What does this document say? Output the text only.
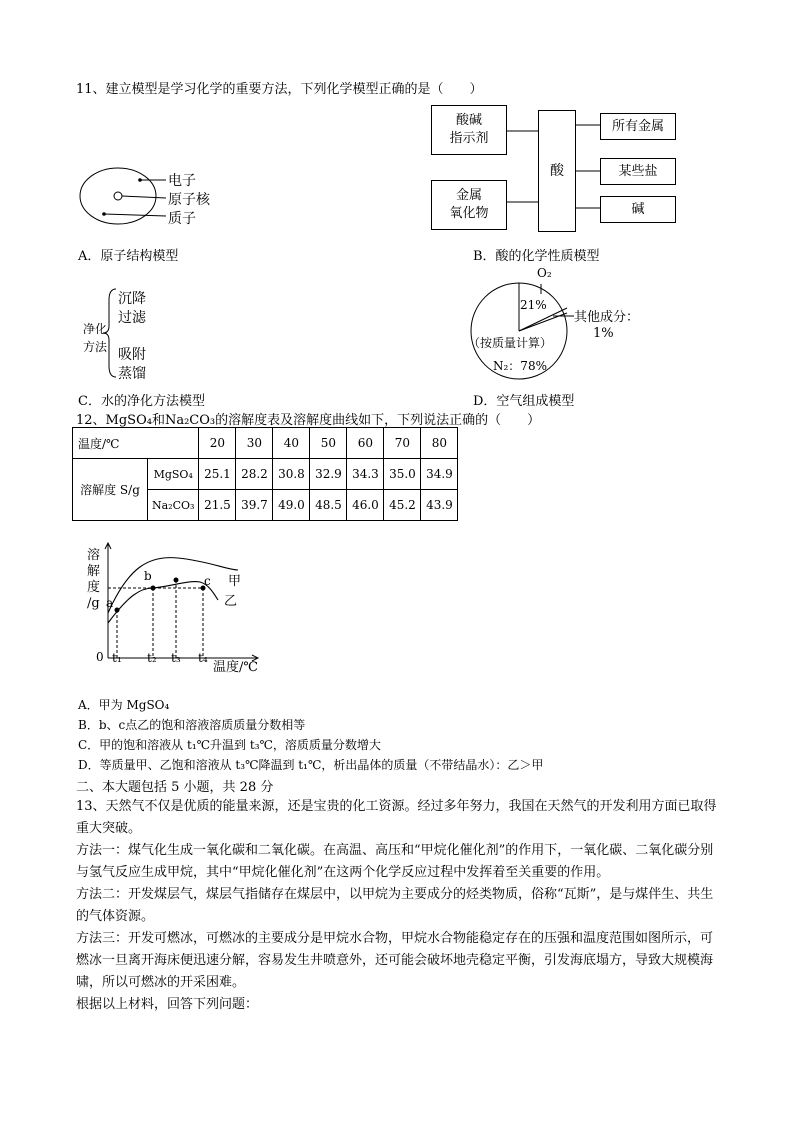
11、建立模型是学习化学的重要方法，下列化学模型正确的是（　　）
电子
原子核
质子
A．原子结构模型
酸碱
指示剂
金属
氧化物
酸
所有金属
某些盐
碱
B．酸的化学性质模型
净化
方法
沉降
过滤
吸附
蒸馏
C．水的净化方法模型
O₂
21%
其他成分：
1%
（按质量计算）
N₂：78%
D．空气组成模型
12、MgSO₄和Na₂CO₃的溶解度表及溶解度曲线如下，下列说法正确的（　　）
温度/℃		20	30	40	50	60	70	80
溶解度 S/g	MgSO₄	25.1	28.2	30.8	32.9	34.3	35.0	34.9
	Na₂CO₃	21.5	39.7	49.0	48.5	46.0	45.2	43.9
溶
解
度
/g
0 t₁ t₂ t₃ t₄
温度/℃
a
b	c 甲
乙
A．甲为 MgSO₄
B．b、c点乙的饱和溶液溶质质量分数相等
C．甲的饱和溶液从 t₁℃升温到 t₃℃，溶质质量分数增大
D．等质量甲、乙饱和溶液从 t₃℃降温到 t₁℃，析出晶体的质量（不带结晶水）：乙＞甲
二、本大题包括 5 小题，共 28 分
13、天然气不仅是优质的能量来源，还是宝贵的化工资源。经过多年努力，我国在天然气的开发利用方面已取得重大突破。
方法一：煤气化生成一氧化碳和二氧化碳。在高温、高压和“甲烷化催化剂”的作用下，一氧化碳、二氧化碳分别与氢气反应生成甲烷，其中“甲烷化催化剂”在这两个化学反应过程中发挥着至关重要的作用。
方法二：开发煤层气，煤层气指储存在煤层中，以甲烷为主要成分的烃类物质，俗称“瓦斯”，是与煤伴生、共生的气体资源。
方法三：开发可燃冰，可燃冰的主要成分是甲烷水合物，甲烷水合物能稳定存在的压强和温度范围如图所示，可燃冰一旦离开海床便迅速分解，容易发生井喷意外，还可能会破坏地壳稳定平衡，引发海底塌方，导致大规模海啸，所以可燃冰的开采困难。
根据以上材料，回答下列问题：
